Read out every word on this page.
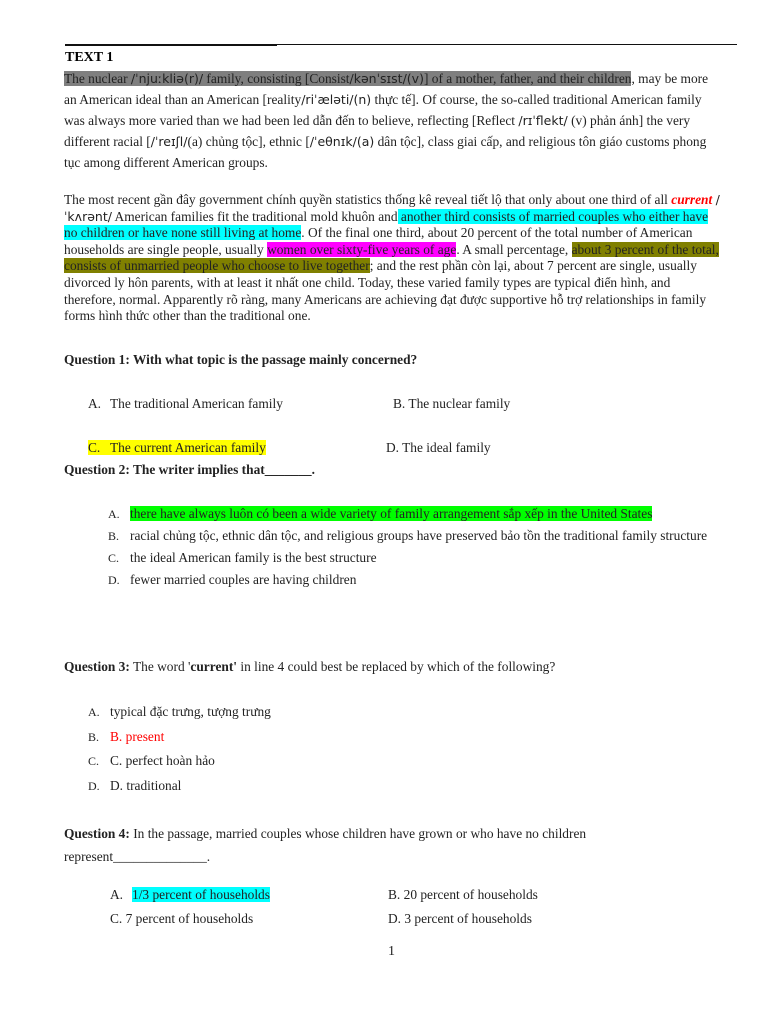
TEXT 1
The nuclear /ˈnjuːkliə(r)/ family, consisting [Consist/kənˈsɪst/(v)] of a mother, father, and their children, may be more an American ideal than an American [reality/riˈæləti/(n) thực tế]. Of course, the so-called traditional American family was always more varied than we had been led dẫn đến to believe, reflecting [Reflect /rɪˈflekt/ (v) phản ánh] the very different racial [/ˈreɪʃl/(a) chủng tộc], ethnic [/ˈeθnɪk/(a) dân tộc], class giai cấp, and religious tôn giáo customs phong tục among different American groups.
The most recent gần đây government chính quyền statistics thống kê reveal tiết lộ that only about one third of all current /ˈkʌrənt/ American families fit the traditional mold khuôn and another third consists of married couples who either have no children or have none still living at home. Of the final one third, about 20 percent of the total number of American households are single people, usually women over sixty-five years of age. A small percentage, about 3 percent of the total, consists of unmarried people who choose to live together; and the rest phần còn lại, about 7 percent are single, usually divorced ly hôn parents, with at least it nhất one child. Today, these varied family types are typical điển hình, and therefore, normal. Apparently rõ ràng, many Americans are achieving đạt được supportive hỗ trợ relationships in family forms hình thức other than the traditional one.
Question 1: With what topic is the passage mainly concerned?
A. The traditional American family	B. The nuclear family
C. The current American family	D. The ideal family
Question 2: The writer implies that_______.
A. there have always luôn có been a wide variety of family arrangement sắp xếp in the United States
B. racial chủng tộc, ethnic dân tộc, and religious groups have preserved bảo tồn the traditional family structure
C. the ideal American family is the best structure
D. fewer married couples are having children
Question 3: The word 'current' in line 4 could best be replaced by which of the following?
A. typical đặc trưng, tượng trưng
B. B. present
C. C. perfect hoàn hảo
D. D. traditional
Question 4: In the passage, married couples whose children have grown or who have no children represent______________.
A. 1/3 percent of households	B. 20 percent of households
C. 7 percent of households	D. 3 percent of households
1
